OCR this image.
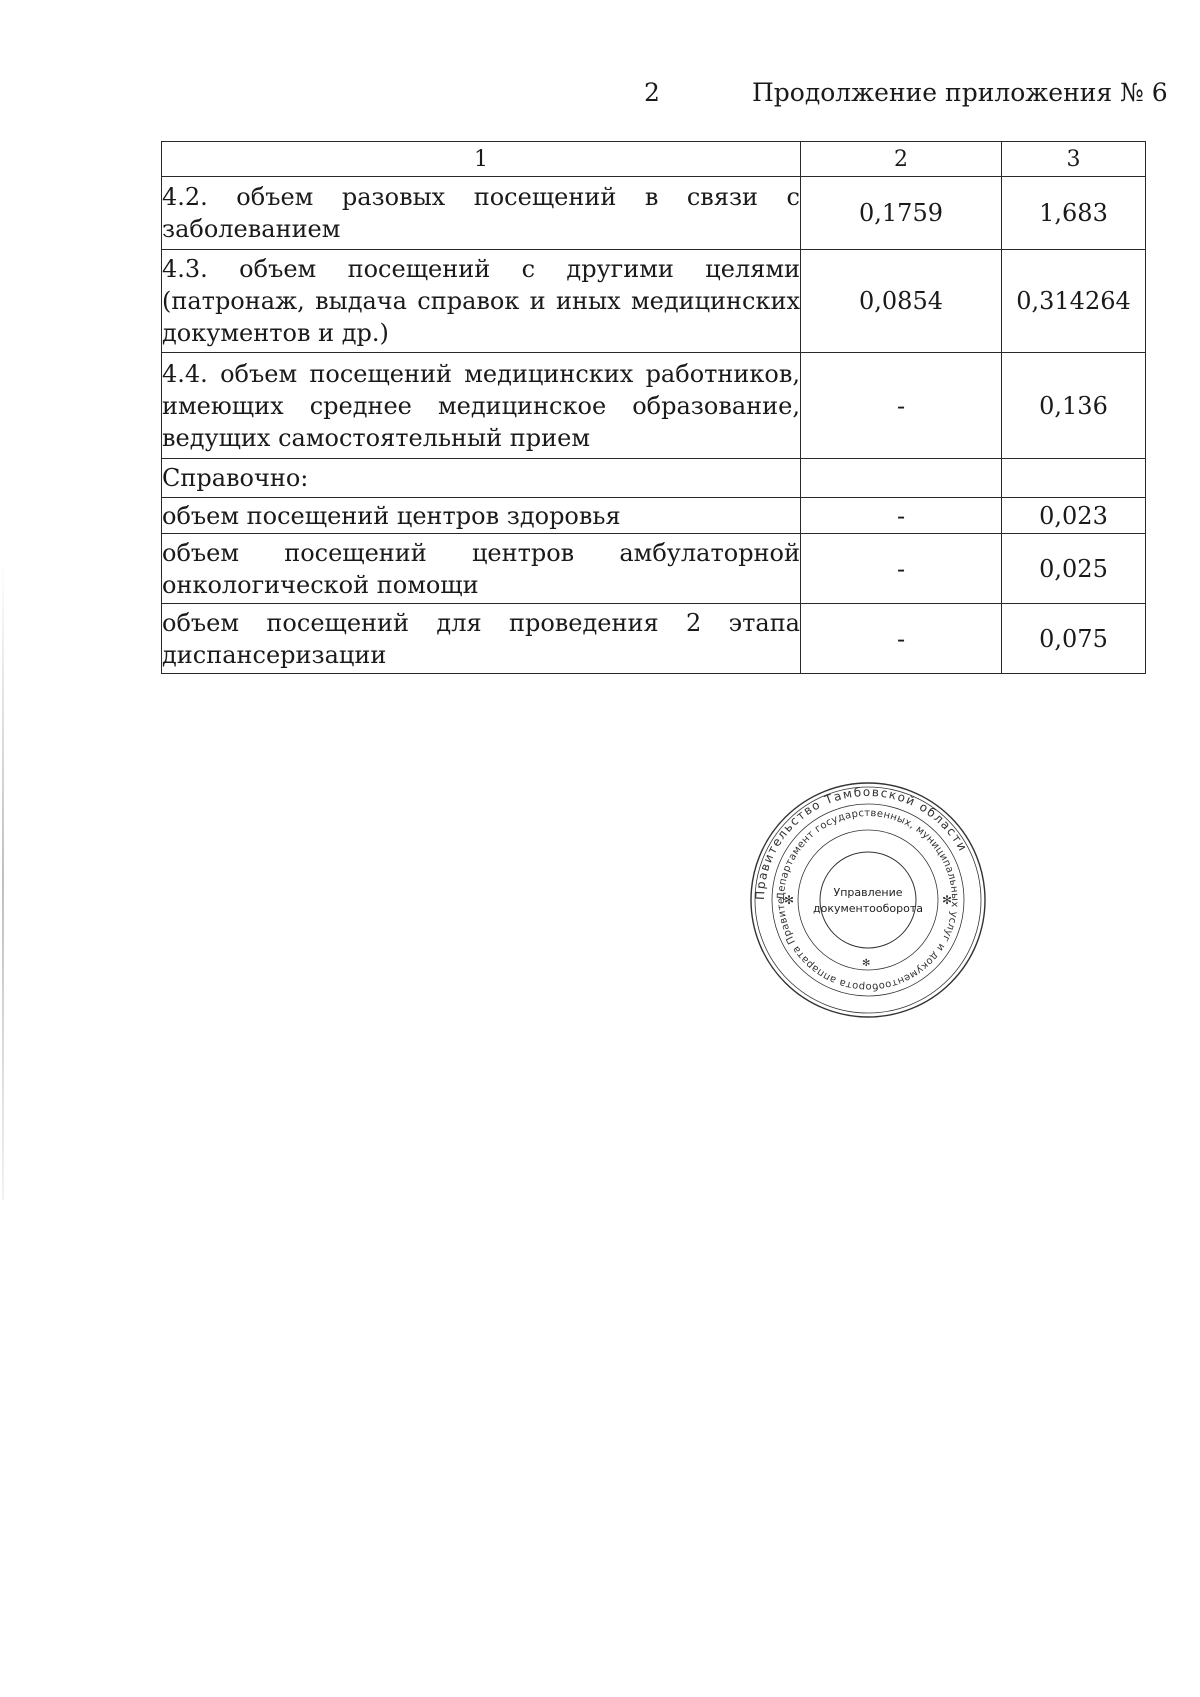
2	Продолжение приложения № 6
1	2	3
4.2. объем разовых посещений в связи с заболеванием	0,1759	1,683
4.3. объем посещений с другими целями (патронаж, выдача справок и иных медицинских документов и др.)	0,0854	0,314264
4.4. объем посещений медицинских работников, имеющих среднее медицинское образование, ведущих самостоятельный прием	-	0,136
Справочно:		
объем посещений центров здоровья	-	0,023
объем посещений центров амбулаторной онкологической помощи	-	0,025
объем посещений для проведения 2 этапа диспансеризации	-	0,075
Правительство Тамбовской области
Департамент государственных, муниципальных услуг и документооборота аппарата Правите
Управление
документооборота
✻	✻
✻
